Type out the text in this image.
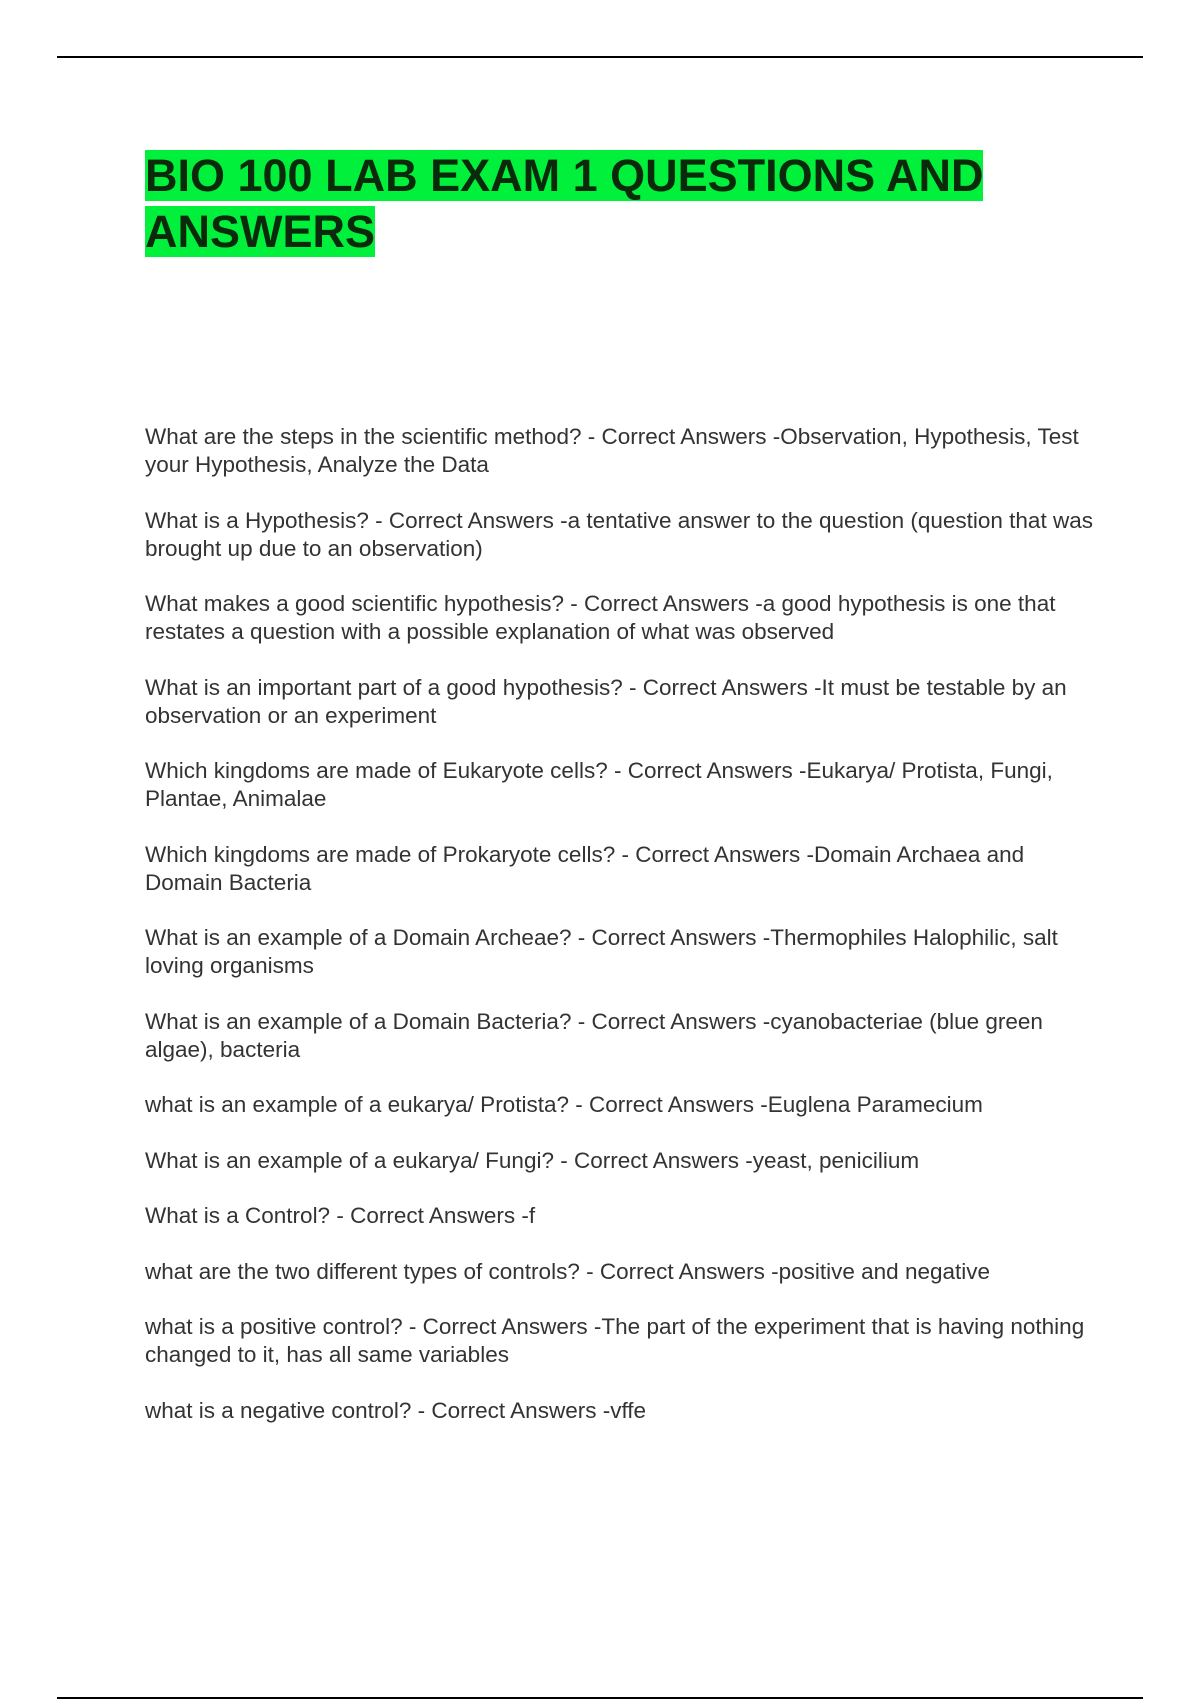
BIO 100 LAB EXAM 1 QUESTIONS AND ANSWERS

What are the steps in the scientific method? - Correct Answers -Observation, Hypothesis, Test your Hypothesis, Analyze the Data

What is a Hypothesis? - Correct Answers -a tentative answer to the question (question that was brought up due to an observation)

What makes a good scientific hypothesis? - Correct Answers -a good hypothesis is one that restates a question with a possible explanation of what was observed

What is an important part of a good hypothesis? - Correct Answers -It must be testable by an observation or an experiment

Which kingdoms are made of Eukaryote cells? - Correct Answers -Eukarya/ Protista, Fungi, Plantae, Animalae

Which kingdoms are made of Prokaryote cells? - Correct Answers -Domain Archaea and Domain Bacteria

What is an example of a Domain Archeae? - Correct Answers -Thermophiles Halophilic, salt loving organisms

What is an example of a Domain Bacteria? - Correct Answers -cyanobacteriae (blue green algae), bacteria

what is an example of a eukarya/ Protista? - Correct Answers -Euglena Paramecium

What is an example of a eukarya/ Fungi? - Correct Answers -yeast, penicilium

What is a Control? - Correct Answers -f

what are the two different types of controls? - Correct Answers -positive and negative

what is a positive control? - Correct Answers -The part of the experiment that is having nothing changed to it, has all same variables

what is a negative control? - Correct Answers -vffe
